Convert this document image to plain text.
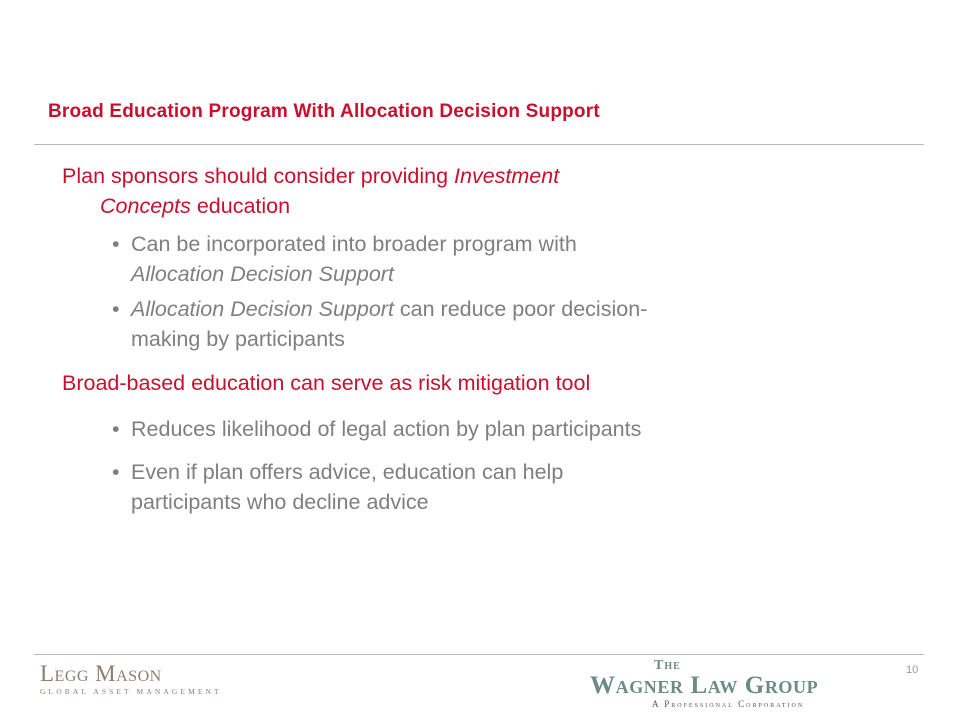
Broad Education Program With Allocation Decision Support
Plan sponsors should consider providing Investment
Concepts education
• Can be incorporated into broader program with
Allocation Decision Support
• Allocation Decision Support can reduce poor decision-
making by participants
Broad-based education can serve as risk mitigation tool
• Reduces likelihood of legal action by plan participants
• Even if plan offers advice, education can help
participants who decline advice
Legg Mason
GLOBAL ASSET MANAGEMENT
10
The
Wagner Law Group
A Professional Corporation
